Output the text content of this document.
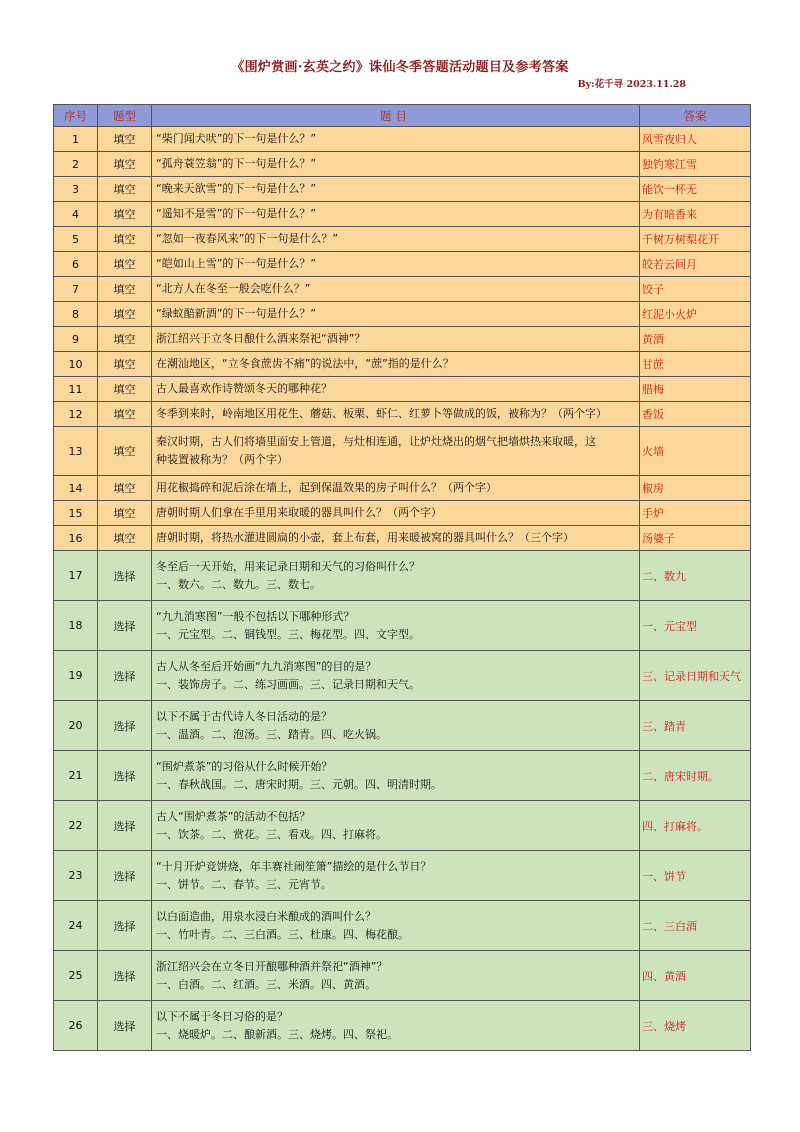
《围炉赏画·玄英之约》诛仙冬季答题活动题目及参考答案
By:花千寻 2023.11.28
序号	题型	题目	答案
1	填空	“柴门闻犬吠”的下一句是什么？”	风雪夜归人
2	填空	“孤舟蓑笠翁”的下一句是什么？”	独钓寒江雪
3	填空	“晚来天欲雪”的下一句是什么？”	能饮一杯无
4	填空	“遥知不是雪”的下一句是什么？”	为有暗香来
5	填空	“忽如一夜春风来”的下一句是什么？”	千树万树梨花开
6	填空	“皑如山上雪”的下一句是什么？”	皎若云间月
7	填空	“北方人在冬至一般会吃什么？”	饺子
8	填空	“绿蚁醅新酒”的下一句是什么？”	红泥小火炉
9	填空	浙江绍兴于立冬日酿什么酒来祭祀“酒神”？	黄酒
10	填空	在潮汕地区，“立冬食蔗齿不痛”的说法中，“蔗”指的是什么？	甘蔗
11	填空	古人最喜欢作诗赞颂冬天的哪种花？	腊梅
12	填空	冬季到来时，岭南地区用花生、蘑菇、板栗、虾仁、红萝卜等做成的饭，被称为？（两个字）	香饭
13	填空	秦汉时期，古人们将墙里面安上管道，与灶相连通，让炉灶烧出的烟气把墙烘热来取暖，这
种装置被称为？（两个字）	火墙
14	填空	用花椒捣碎和泥后涂在墙上，起到保温效果的房子叫什么？（两个字）	椒房
15	填空	唐朝时期人们拿在手里用来取暖的器具叫什么？（两个字）	手炉
16	填空	唐朝时期，将热水灌进圆扁的小壶，套上布套，用来暖被窝的器具叫什么？（三个字）	汤婆子
17	选择	冬至后一天开始，用来记录日期和天气的习俗叫什么？
一、数六。二、数九。三、数七。	二、数九
18	选择	“九九消寒图”一般不包括以下哪种形式？
一、元宝型。二、铜钱型。三、梅花型。四、文字型。	一、元宝型
19	选择	古人从冬至后开始画“九九消寒图”的目的是？
一、装饰房子。二、练习画画。三、记录日期和天气。	三、记录日期和天气
20	选择	以下不属于古代诗人冬日活动的是？
一、温酒。二、泡汤。三、踏青。四、吃火锅。	三、踏青
21	选择	“围炉煮茶”的习俗从什么时候开始？
一、春秋战国。二、唐宋时期。三、元朝。四、明清时期。	二、唐宋时期。
22	选择	古人“围炉煮茶”的活动不包括？
一、饮茶。二、赏花。三、看戏。四、打麻将。	四、打麻将。
23	选择	“十月开炉竞饼烧，年丰赛社闹笙箫”描绘的是什么节日？
一、饼节。二、春节。三、元宵节。	一、饼节
24	选择	以白面造曲，用泉水浸白米酿成的酒叫什么？
一、竹叶青。二、三白酒。三、杜康。四、梅花酿。	二、三白酒
25	选择	浙江绍兴会在立冬日开酿哪种酒并祭祀“酒神”？
一、白酒。二、红酒。三、米酒。四、黄酒。	四、黄酒
26	选择	以下不属于冬日习俗的是？
一、烧暖炉。二、酿新酒。三、烧烤。四、祭祀。	三、烧烤
